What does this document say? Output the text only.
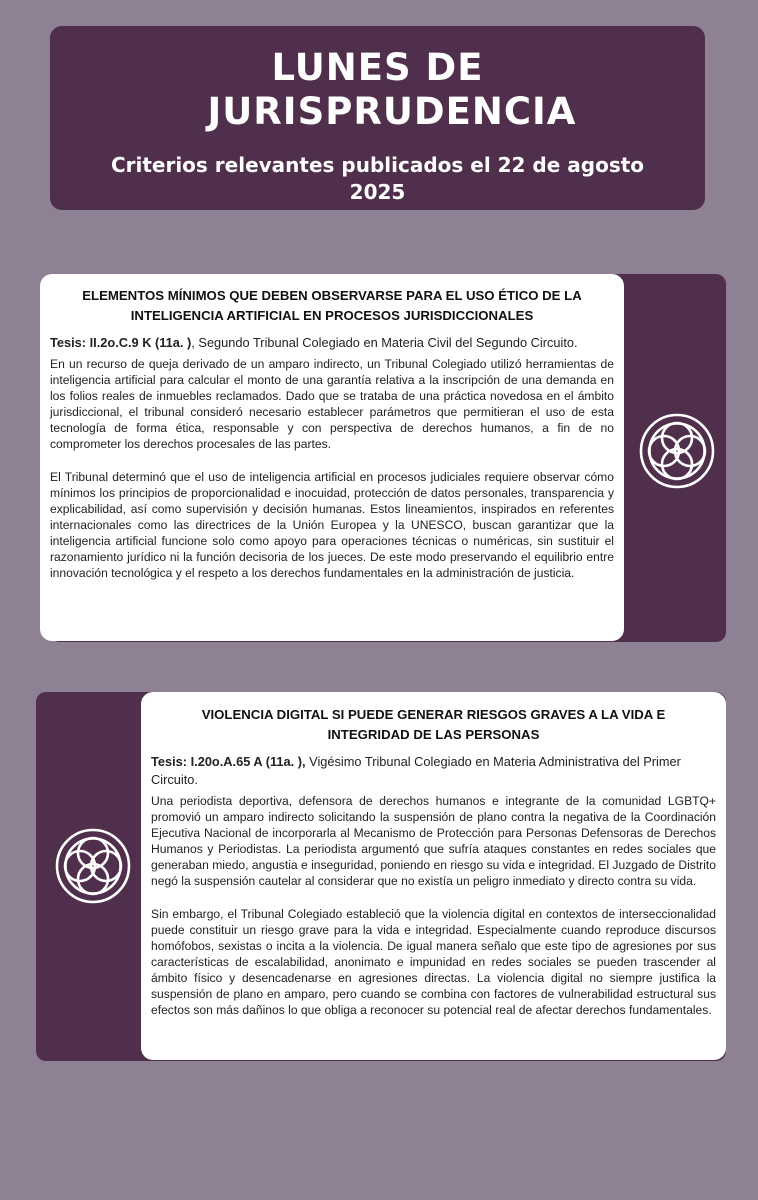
LUNES DE JURISPRUDENCIA
Criterios relevantes publicados el 22 de agosto 2025
ELEMENTOS MÍNIMOS QUE DEBEN OBSERVARSE PARA EL USO ÉTICO DE LA INTELIGENCIA ARTIFICIAL EN PROCESOS JURISDICCIONALES

Tesis: II.2o.C.9 K (11a. ), Segundo Tribunal Colegiado en Materia Civil del Segundo Circuito.

En un recurso de queja derivado de un amparo indirecto, un Tribunal Colegiado utilizó herramientas de inteligencia artificial para calcular el monto de una garantía relativa a la inscripción de una demanda en los folios reales de inmuebles reclamados. Dado que se trataba de una práctica novedosa en el ámbito jurisdiccional, el tribunal consideró necesario establecer parámetros que permitieran el uso de esta tecnología de forma ética, responsable y con perspectiva de derechos humanos, a fin de no comprometer los derechos procesales de las partes.

El Tribunal determinó que el uso de inteligencia artificial en procesos judiciales requiere observar cómo mínimos los principios de proporcionalidad e inocuidad, protección de datos personales, transparencia y explicabilidad, así como supervisión y decisión humanas. Estos lineamientos, inspirados en referentes internacionales como las directrices de la Unión Europea y la UNESCO, buscan garantizar que la inteligencia artificial funcione solo como apoyo para operaciones técnicas o numéricas, sin sustituir el razonamiento jurídico ni la función decisoria de los jueces. De este modo preservando el equilibrio entre innovación tecnológica y el respeto a los derechos fundamentales en la administración de justicia.

VIOLENCIA DIGITAL SI PUEDE GENERAR RIESGOS GRAVES A LA VIDA E INTEGRIDAD DE LAS PERSONAS

Tesis: I.20o.A.65 A (11a. ), Vigésimo Tribunal Colegiado en Materia Administrativa del Primer Circuito.

Una periodista deportiva, defensora de derechos humanos e integrante de la comunidad LGBTQ+ promovió un amparo indirecto solicitando la suspensión de plano contra la negativa de la Coordinación Ejecutiva Nacional de incorporarla al Mecanismo de Protección para Personas Defensoras de Derechos Humanos y Periodistas. La periodista argumentó que sufría ataques constantes en redes sociales que generaban miedo, angustia e inseguridad, poniendo en riesgo su vida e integridad. El Juzgado de Distrito negó la suspensión cautelar al considerar que no existía un peligro inmediato y directo contra su vida.

Sin embargo, el Tribunal Colegiado estableció que la violencia digital en contextos de interseccionalidad puede constituir un riesgo grave para la vida e integridad. Especialmente cuando reproduce discursos homófobos, sexistas o incita a la violencia. De igual manera señalo que este tipo de agresiones por sus características de escalabilidad, anonimato e impunidad en redes sociales se pueden trascender al ámbito físico y desencadenarse en agresiones directas. La violencia digital no siempre justifica la suspensión de plano en amparo, pero cuando se combina con factores de vulnerabilidad estructural sus efectos son más dañinos lo que obliga a reconocer su potencial real de afectar derechos fundamentales.
